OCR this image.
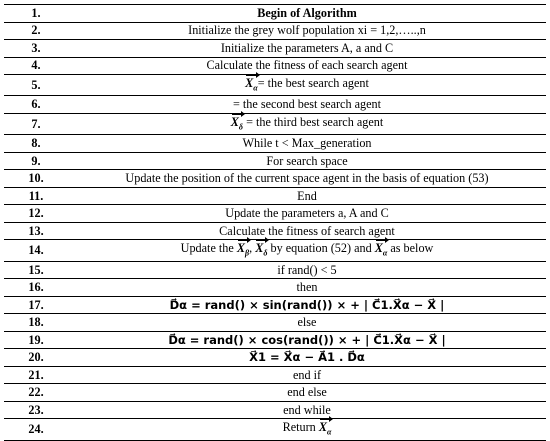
1.	Begin of Algorithm
2.	Initialize the grey wolf population xi = 1,2,…..,n
3.	Initialize the parameters A, a and C
4.	Calculate the fitness of each search agent
5.	$X_\alpha=$ the best search agent
6.	= the second best search agent
7.	$X_\delta$ = the third best search agent
8.	While t < Max_generation
9.	For search space
10.	Update the position of the current space agent in the basis of equation (53)
11.	End
12.	Update the parameters a, A and C
13.	Calculate the fitness of search agent
14.	Update the $X_\beta$, $X_\delta$ by equation (52) and $X_\alpha$ as below
15.	if rand() < 5
16.	then
17.	D⃗α = rand() × sin(rand()) × + | C⃗1.X⃗α − X⃗ |
18.	else
19.	D⃗α = rand() × cos(rand()) × + | C⃗1.X⃗α − X⃗ |
20.	X⃗1 = X⃗α − A⃗1 . D⃗α
21.	end if
22.	end else
23.	end while
24.	Return $X_\alpha$
